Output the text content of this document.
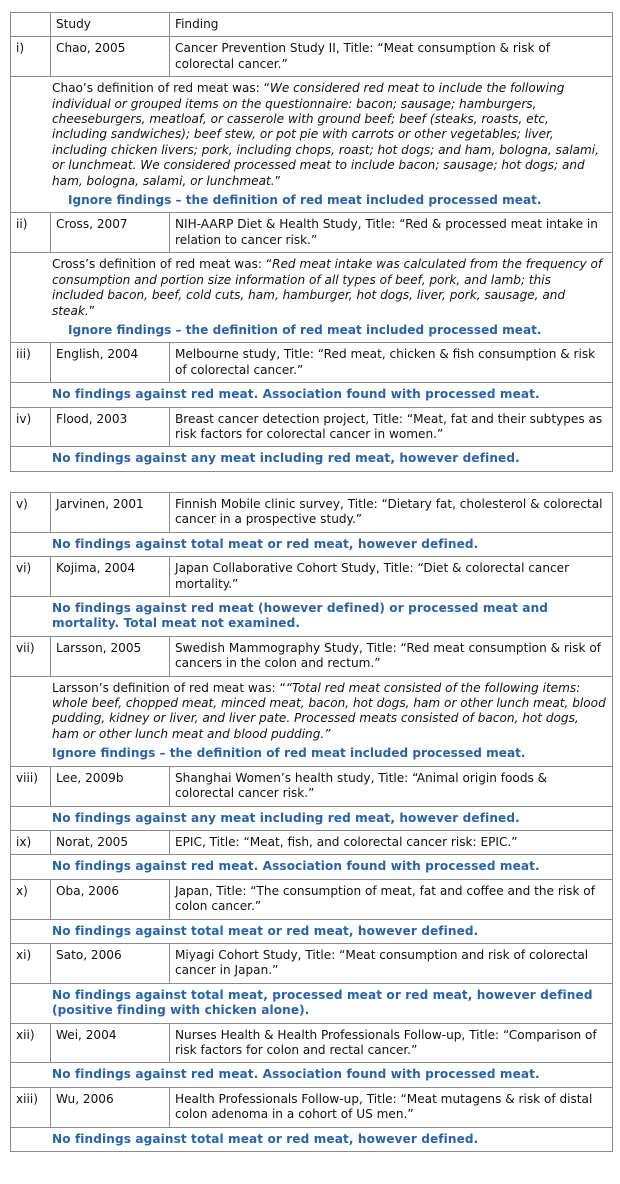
	Study	Finding
i)	Chao, 2005	Cancer Prevention Study II, Title: “Meat consumption & risk of colorectal cancer.”
Chao’s definition of red meat was: “We considered red meat to include the following individual or grouped items on the questionnaire: bacon; sausage; hamburgers, cheeseburgers, meatloaf, or casserole with ground beef; beef (steaks, roasts, etc, including sandwiches); beef stew, or pot pie with carrots or other vegetables; liver, including chicken livers; pork, including chops, roast; hot dogs; and ham, bologna, salami, or lunchmeat. We considered processed meat to include bacon; sausage; hot dogs; and ham, bologna, salami, or lunchmeat.”
Ignore findings – the definition of red meat included processed meat.		

ii)	Cross, 2007	NIH-AARP Diet & Health Study, Title: “Red & processed meat intake in relation to cancer risk.”
Cross’s definition of red meat was: “Red meat intake was calculated from the frequency of consumption and portion size information of all types of beef, pork, and lamb; this included bacon, beef, cold cuts, ham, hamburger, hot dogs, liver, pork, sausage, and steak.”
Ignore findings – the definition of red meat included processed meat.		

iii)	English, 2004	Melbourne study, Title: “Red meat, chicken & fish consumption & risk of colorectal cancer.”
No findings against red meat. Association found with processed meat.		
iv)	Flood, 2003	Breast cancer detection project, Title: “Meat, fat and their subtypes as risk factors for colorectal cancer in women.”
No findings against any meat including red meat, however defined.		
v)	Jarvinen, 2001	Finnish Mobile clinic survey, Title: “Dietary fat, cholesterol & colorectal cancer in a prospective study.”
No findings against total meat or red meat, however defined.		
vi)	Kojima, 2004	Japan Collaborative Cohort Study, Title: “Diet & colorectal cancer mortality.”
No findings against red meat (however defined) or processed meat and mortality. Total meat not examined.		
vii)	Larsson, 2005	Swedish Mammography Study, Title: “Red meat consumption & risk of cancers in the colon and rectum.”
Larsson’s definition of red meat was: ““Total red meat consisted of the following items: whole beef, chopped meat, minced meat, bacon, hot dogs, ham or other lunch meat, blood pudding, kidney or liver, and liver pate. Processed meats consisted of bacon, hot dogs, ham or other lunch meat and blood pudding.”
Ignore findings – the definition of red meat included processed meat.		

viii)	Lee, 2009b	Shanghai Women’s health study, Title: “Animal origin foods & colorectal cancer risk.”
No findings against any meat including red meat, however defined.		
ix)	Norat, 2005	EPIC, Title: “Meat, fish, and colorectal cancer risk: EPIC.”
No findings against red meat. Association found with processed meat.		
x)	Oba, 2006	Japan, Title: “The consumption of meat, fat and coffee and the risk of colon cancer.”
No findings against total meat or red meat, however defined.		
xi)	Sato, 2006	Miyagi Cohort Study, Title: “Meat consumption and risk of colorectal cancer in Japan.”
No findings against total meat, processed meat or red meat, however defined (positive finding with chicken alone).		
xii)	Wei, 2004	Nurses Health & Health Professionals Follow-up, Title: “Comparison of risk factors for colon and rectal cancer.”
No findings against red meat. Association found with processed meat.		
xiii)	Wu, 2006	Health Professionals Follow-up, Title: “Meat mutagens & risk of distal colon adenoma in a cohort of US men.”
No findings against total meat or red meat, however defined.		
